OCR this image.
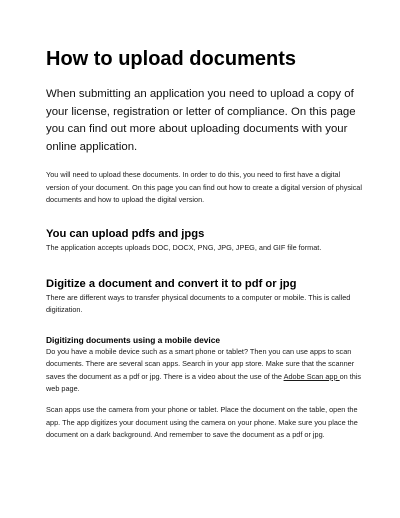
How to upload documents

When submitting an application you need to upload a copy of your license, registration or letter of compliance. On this page you can find out more about uploading documents with your online application.

You will need to upload these documents. In order to do this, you need to first have a digital version of your document. On this page you can find out how to create a digital version of physical documents and how to upload the digital version.

You can upload pdfs and jpgs

The application accepts uploads DOC, DOCX, PNG, JPG, JPEG, and GIF file format.

Digitize a document and convert it to pdf or jpg

There are different ways to transfer physical documents to a computer or mobile. This is called digitization.

Digitizing documents using a mobile device

Do you have a mobile device such as a smart phone or tablet? Then you can use apps to scan documents. There are several scan apps. Search in your app store. Make sure that the scanner saves the document as a pdf or jpg. There is a video about the use of the Adobe Scan app on this web page.

Scan apps use the camera from your phone or tablet. Place the document on the table, open the app. The app digitizes your document using the camera on your phone. Make sure you place the document on a dark background. And remember to save the document as a pdf or jpg.
